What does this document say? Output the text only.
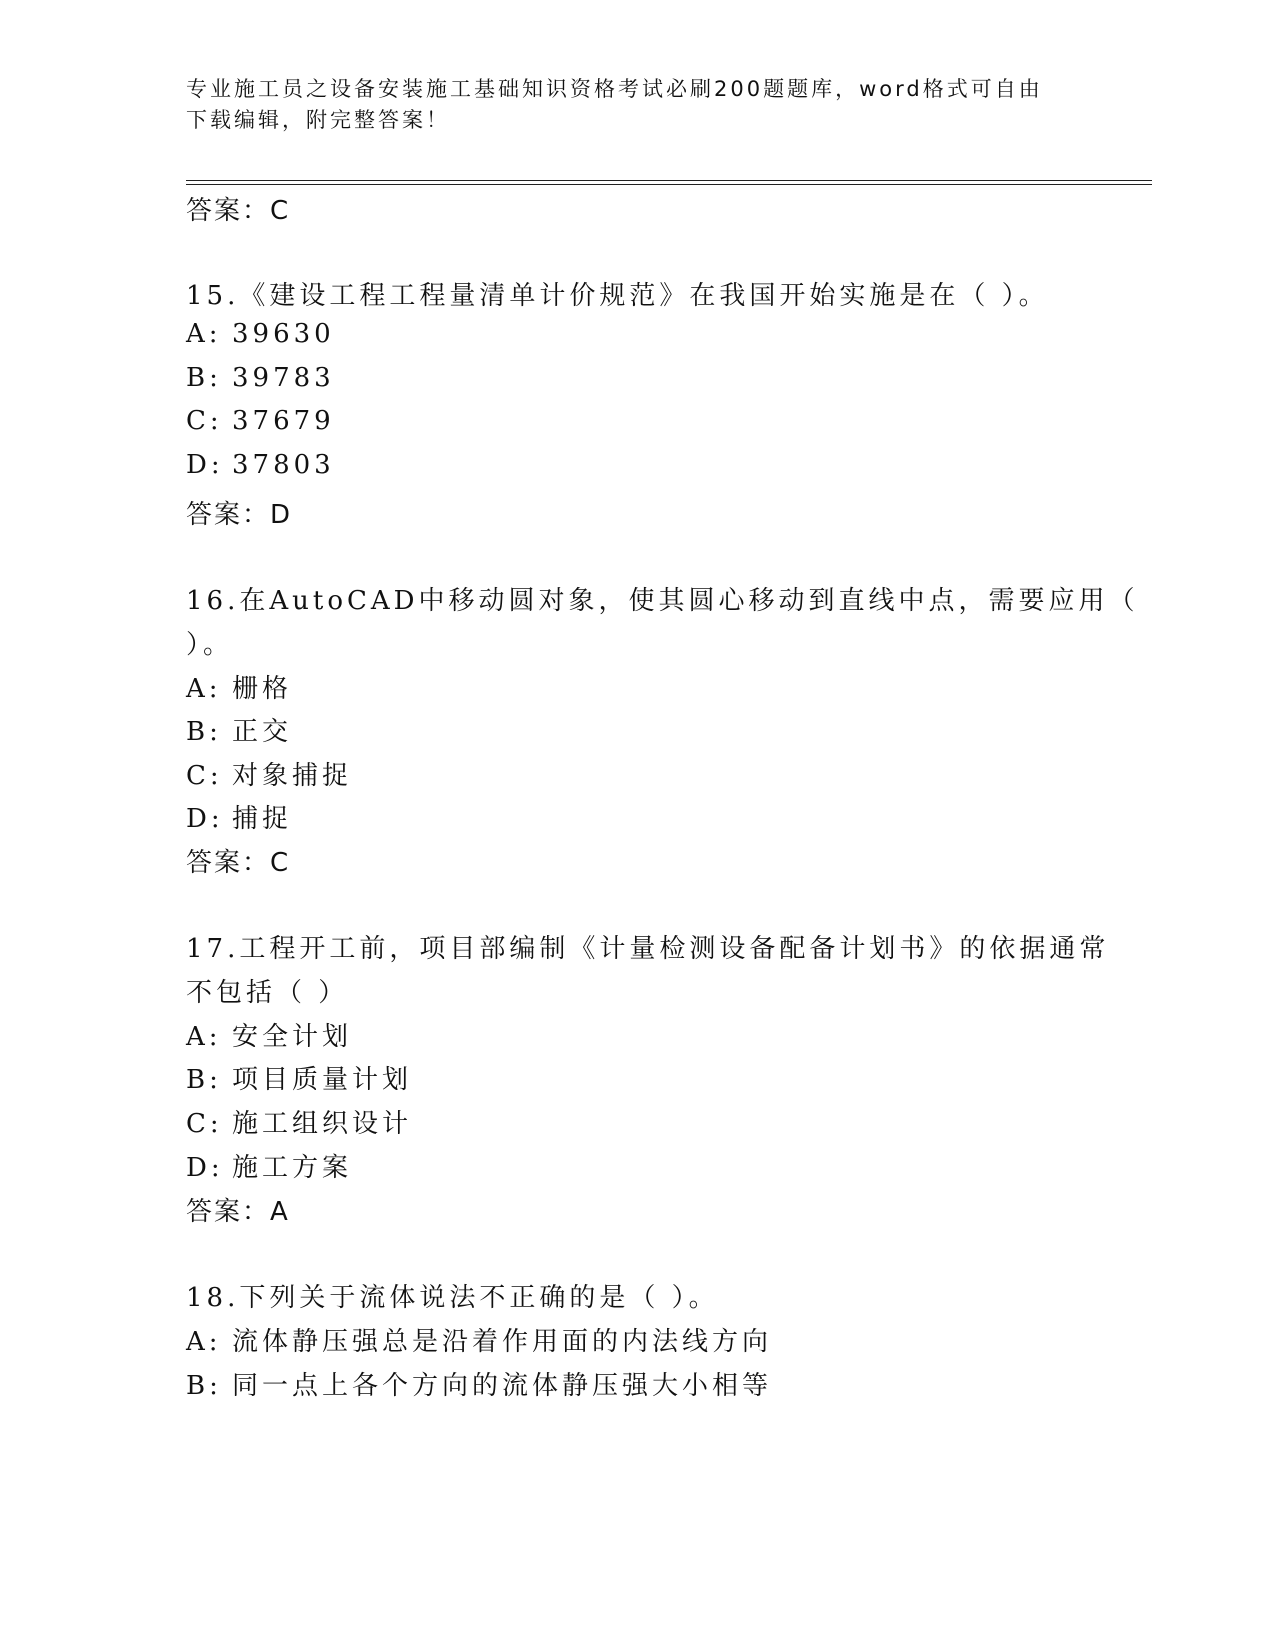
专业施工员之设备安装施工基础知识资格考试必刷200题题库，word格式可自由
下载编辑，附完整答案！
答案：C
15.《建设工程工程量清单计价规范》在我国开始实施是在（ ）。
A: 39630
B: 39783
C: 37679
D: 37803
答案：D
16.在AutoCAD中移动圆对象，使其圆心移动到直线中点，需要应用（
）。
A: 栅格
B: 正交
C: 对象捕捉
D: 捕捉
答案：C
17.工程开工前，项目部编制《计量检测设备配备计划书》的依据通常
不包括（ ）
A: 安全计划
B: 项目质量计划
C: 施工组织设计
D: 施工方案
答案：A
18.下列关于流体说法不正确的是（ ）。
A: 流体静压强总是沿着作用面的内法线方向
B: 同一点上各个方向的流体静压强大小相等
